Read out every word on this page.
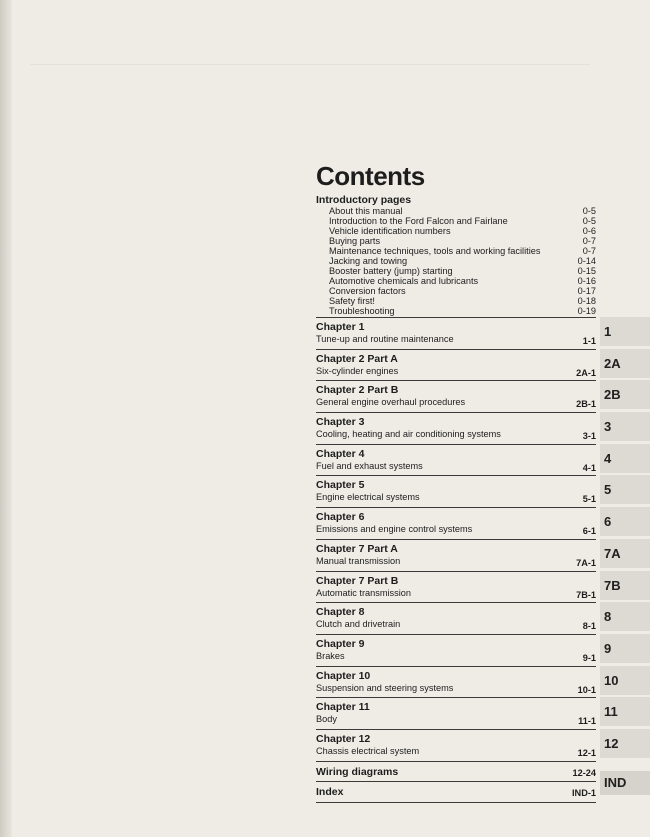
Contents
Introductory pages
About this manual	0-5
Introduction to the Ford Falcon and Fairlane	0-5
Vehicle identification numbers	0-6
Buying parts	0-7
Maintenance techniques, tools and working facilities	0-7
Jacking and towing	0-14
Booster battery (jump) starting	0-15
Automotive chemicals and lubricants	0-16
Conversion factors	0-17
Safety first!	0-18
Troubleshooting	0-19
Chapter 1
Tune-up and routine maintenance	1-1
Chapter 2 Part A
Six-cylinder engines	2A-1
Chapter 2 Part B
General engine overhaul procedures	2B-1
Chapter 3
Cooling, heating and air conditioning systems	3-1
Chapter 4
Fuel and exhaust systems	4-1
Chapter 5
Engine electrical systems	5-1
Chapter 6
Emissions and engine control systems	6-1
Chapter 7 Part A
Manual transmission	7A-1
Chapter 7 Part B
Automatic transmission	7B-1
Chapter 8
Clutch and drivetrain	8-1
Chapter 9
Brakes	9-1
Chapter 10
Suspension and steering systems	10-1
Chapter 11
Body	11-1
Chapter 12
Chassis electrical system	12-1
Wiring diagrams	12-24
Index	IND-1
1
2A
2B
3
4
5
6
7A
7B
8
9
10
11
12
IND
